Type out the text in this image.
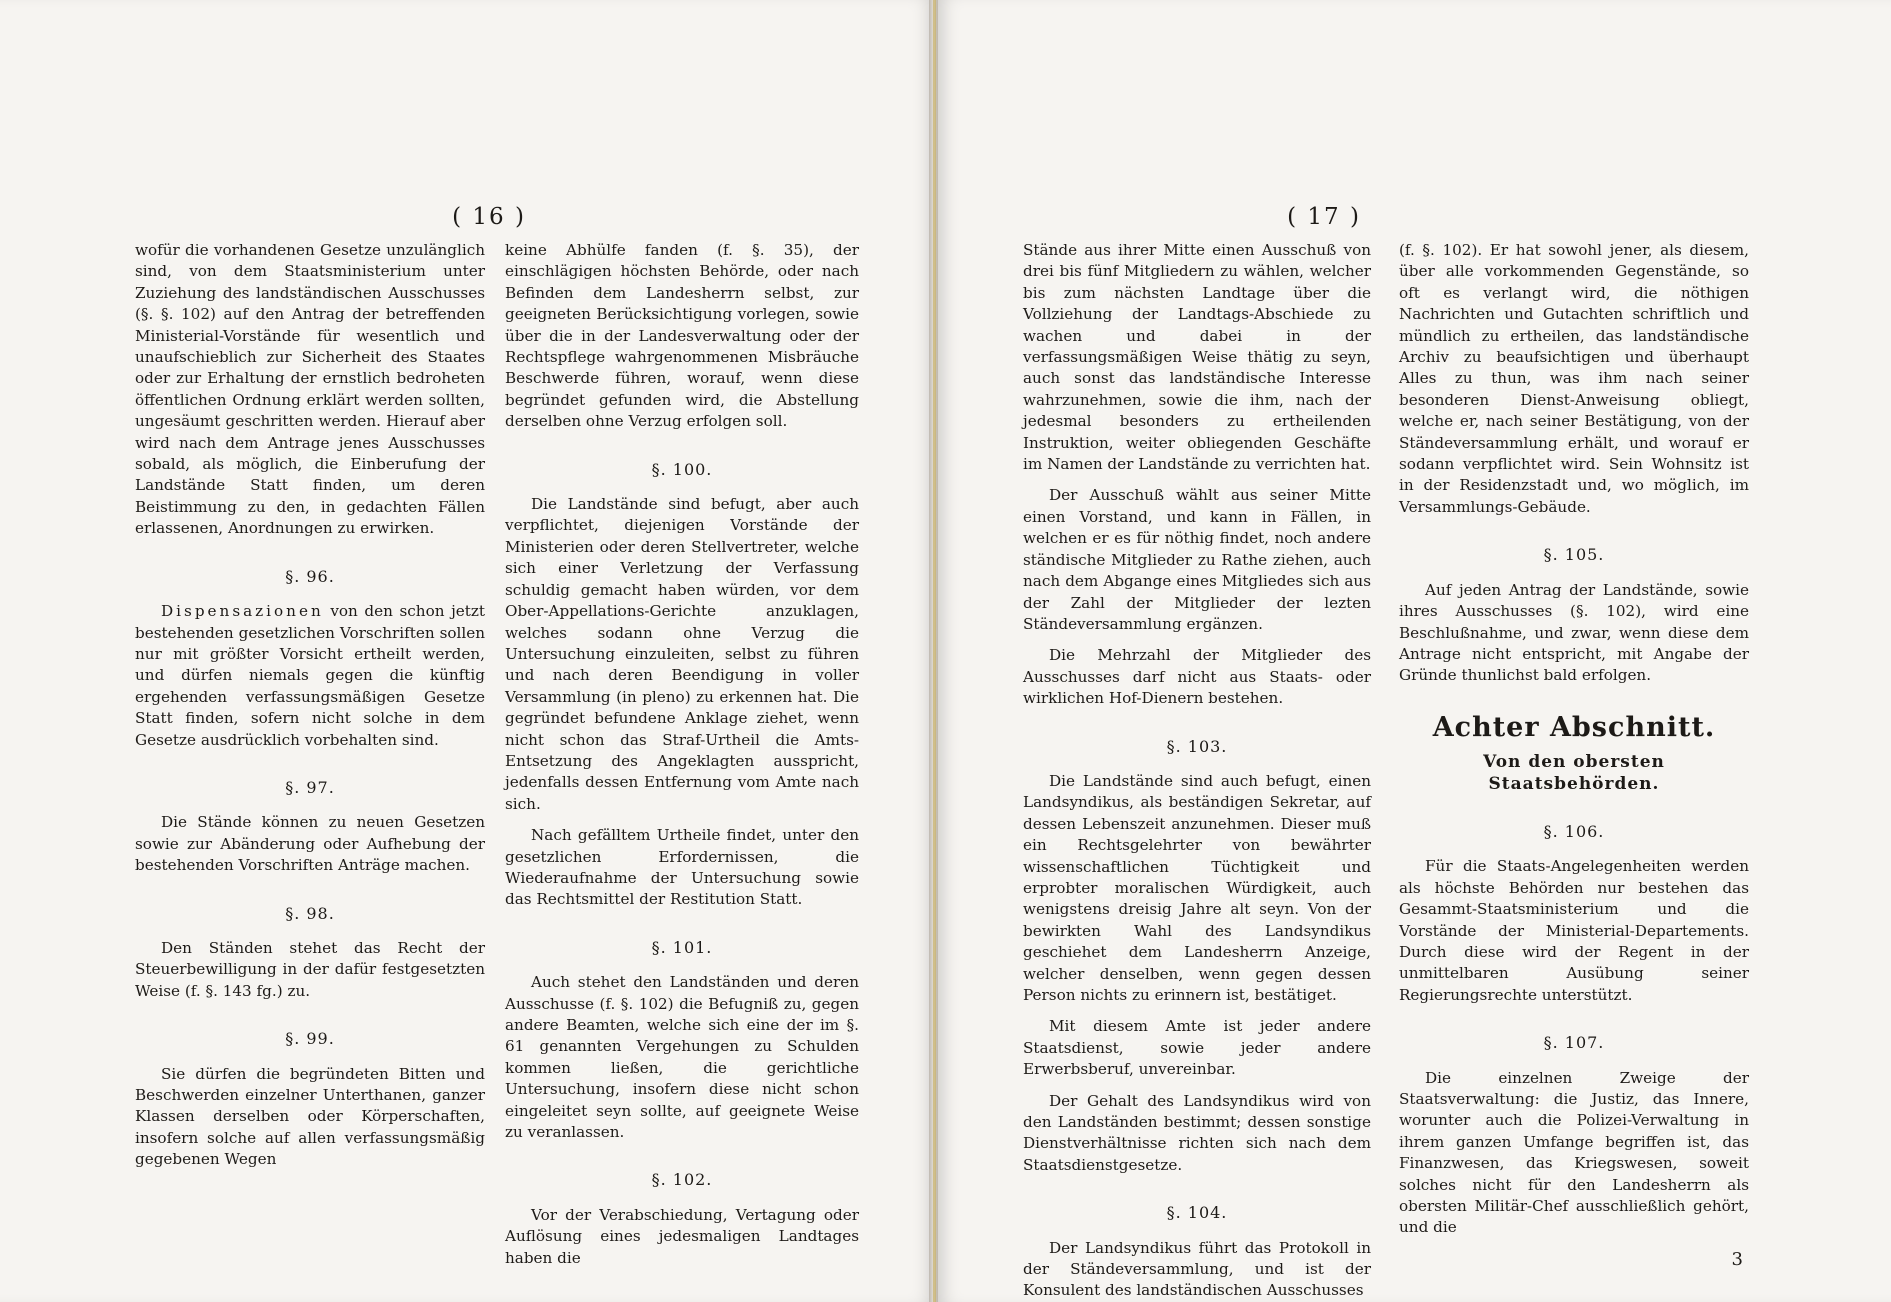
( 16 )

wofür die vorhandenen Gesetze unzulänglich sind, von dem Staatsministerium unter Zuziehung des landständischen Ausschusses (§. §. 102) auf den Antrag der betreffenden Ministerial-Vorstände für wesentlich und unaufschieblich zur Sicherheit des Staates oder zur Erhaltung der ernstlich bedroheten öffentlichen Ordnung erklärt werden sollten, ungesäumt geschritten werden. Hierauf aber wird nach dem Antrage jenes Ausschusses sobald, als möglich, die Einberufung der Landstände Statt finden, um deren Beistimmung zu den, in gedachten Fällen erlassenen, Anordnungen zu erwirken.

§. 96.

Dispensazionen von den schon jetzt bestehenden gesetzlichen Vorschriften sollen nur mit größter Vorsicht ertheilt werden, und dürfen niemals gegen die künftig ergehenden verfassungsmäßigen Gesetze Statt finden, sofern nicht solche in dem Gesetze ausdrücklich vorbehalten sind.

§. 97.

Die Stände können zu neuen Gesetzen sowie zur Abänderung oder Aufhebung der bestehenden Vorschriften Anträge machen.

§. 98.

Den Ständen stehet das Recht der Steuerbewilligung in der dafür festgesetzten Weise (f. §. 143 fg.) zu.

§. 99.

Sie dürfen die begründeten Bitten und Beschwerden einzelner Unterthanen, ganzer Klassen derselben oder Körperschaften, insofern solche auf allen verfassungsmäßig gegebenen Wegen

keine Abhülfe fanden (f. §. 35), der einschlägigen höchsten Behörde, oder nach Befinden dem Landesherrn selbst, zur geeigneten Berücksichtigung vorlegen, sowie über die in der Landesverwaltung oder der Rechtspflege wahrgenommenen Misbräuche Beschwerde führen, worauf, wenn diese begründet gefunden wird, die Abstellung derselben ohne Verzug erfolgen soll.

§. 100.

Die Landstände sind befugt, aber auch verpflichtet, diejenigen Vorstände der Ministerien oder deren Stellvertreter, welche sich einer Verletzung der Verfassung schuldig gemacht haben würden, vor dem Ober-Appellations-Gerichte anzuklagen, welches sodann ohne Verzug die Untersuchung einzuleiten, selbst zu führen und nach deren Beendigung in voller Versammlung (in pleno) zu erkennen hat. Die gegründet befundene Anklage ziehet, wenn nicht schon das Straf-Urtheil die Amts-Entsetzung des Angeklagten ausspricht, jedenfalls dessen Entfernung vom Amte nach sich.

Nach gefälltem Urtheile findet, unter den gesetzlichen Erfordernissen, die Wiederaufnahme der Untersuchung sowie das Rechtsmittel der Restitution Statt.

§. 101.

Auch stehet den Landständen und deren Ausschusse (f. §. 102) die Befugniß zu, gegen andere Beamten, welche sich eine der im §. 61 genannten Vergehungen zu Schulden kommen ließen, die gerichtliche Untersuchung, insofern diese nicht schon eingeleitet seyn sollte, auf geeignete Weise zu veranlassen.

§. 102.

Vor der Verabschiedung, Vertagung oder Auflösung eines jedesmaligen Landtages haben die

( 17 )

Stände aus ihrer Mitte einen Ausschuß von drei bis fünf Mitgliedern zu wählen, welcher bis zum nächsten Landtage über die Vollziehung der Landtags-Abschiede zu wachen und dabei in der verfassungsmäßigen Weise thätig zu seyn, auch sonst das landständische Interesse wahrzunehmen, sowie die ihm, nach der jedesmal besonders zu ertheilenden Instruktion, weiter obliegenden Geschäfte im Namen der Landstände zu verrichten hat.

Der Ausschuß wählt aus seiner Mitte einen Vorstand, und kann in Fällen, in welchen er es für nöthig findet, noch andere ständische Mitglieder zu Rathe ziehen, auch nach dem Abgange eines Mitgliedes sich aus der Zahl der Mitglieder der lezten Ständeversammlung ergänzen.

Die Mehrzahl der Mitglieder des Ausschusses darf nicht aus Staats- oder wirklichen Hof-Dienern bestehen.

§. 103.

Die Landstände sind auch befugt, einen Landsyndikus, als beständigen Sekretar, auf dessen Lebenszeit anzunehmen. Dieser muß ein Rechtsgelehrter von bewährter wissenschaftlichen Tüchtigkeit und erprobter moralischen Würdigkeit, auch wenigstens dreisig Jahre alt seyn. Von der bewirkten Wahl des Landsyndikus geschiehet dem Landesherrn Anzeige, welcher denselben, wenn gegen dessen Person nichts zu erinnern ist, bestätiget.

Mit diesem Amte ist jeder andere Staatsdienst, sowie jeder andere Erwerbsberuf, unvereinbar.

Der Gehalt des Landsyndikus wird von den Landständen bestimmt; dessen sonstige Dienstverhältnisse richten sich nach dem Staatsdienstgesetze.

§. 104.

Der Landsyndikus führt das Protokoll in der Ständeversammlung, und ist der Konsulent des landständischen Ausschusses

(f. §. 102). Er hat sowohl jener, als diesem, über alle vorkommenden Gegenstände, so oft es verlangt wird, die nöthigen Nachrichten und Gutachten schriftlich und mündlich zu ertheilen, das landständische Archiv zu beaufsichtigen und überhaupt Alles zu thun, was ihm nach seiner besonderen Dienst-Anweisung obliegt, welche er, nach seiner Bestätigung, von der Ständeversammlung erhält, und worauf er sodann verpflichtet wird. Sein Wohnsitz ist in der Residenzstadt und, wo möglich, im Versammlungs-Gebäude.

§. 105.

Auf jeden Antrag der Landstände, sowie ihres Ausschusses (§. 102), wird eine Beschlußnahme, und zwar, wenn diese dem Antrage nicht entspricht, mit Angabe der Gründe thunlichst bald erfolgen.

Achter Abschnitt.
Von den obersten Staatsbehörden.
§. 106.

Für die Staats-Angelegenheiten werden als höchste Behörden nur bestehen das Gesammt-Staatsministerium und die Vorstände der Ministerial-Departements. Durch diese wird der Regent in der unmittelbaren Ausübung seiner Regierungsrechte unterstützt.

§. 107.

Die einzelnen Zweige der Staatsverwaltung: die Justiz, das Innere, worunter auch die Polizei-Verwaltung in ihrem ganzen Umfange begriffen ist, das Finanzwesen, das Kriegswesen, soweit solches nicht für den Landesherrn als obersten Militär-Chef ausschließlich gehört, und die

3
